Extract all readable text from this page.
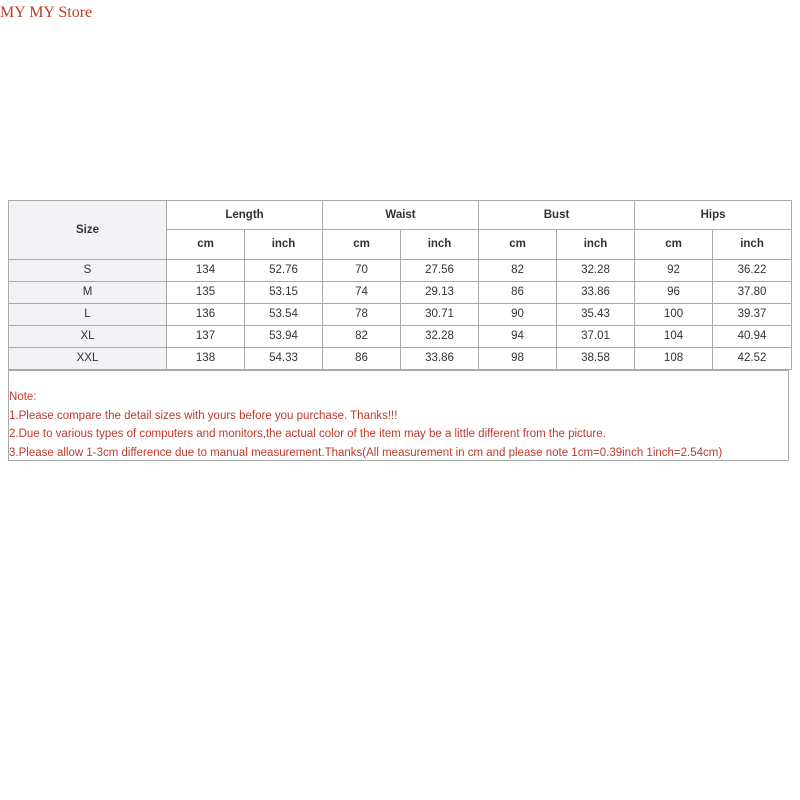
MY MY Store
Size	Length		Waist		Bust		Hips	
	cm	inch	cm	inch	cm	inch	cm	inch
S	134	52.76	70	27.56	82	32.28	92	36.22
M	135	53.15	74	29.13	86	33.86	96	37.80
L	136	53.54	78	30.71	90	35.43	100	39.37
XL	137	53.94	82	32.28	94	37.01	104	40.94
XXL	138	54.33	86	33.86	98	38.58	108	42.52
Note:
1.Please compare the detail sizes with yours before you purchase. Thanks!!!
2.Due to various types of computers and monitors,the actual color of the item may be a little different from the picture.
3.Please allow 1-3cm difference due to manual measurement.Thanks(All measurement in cm and please note 1cm=0.39inch 1inch=2.54cm)
